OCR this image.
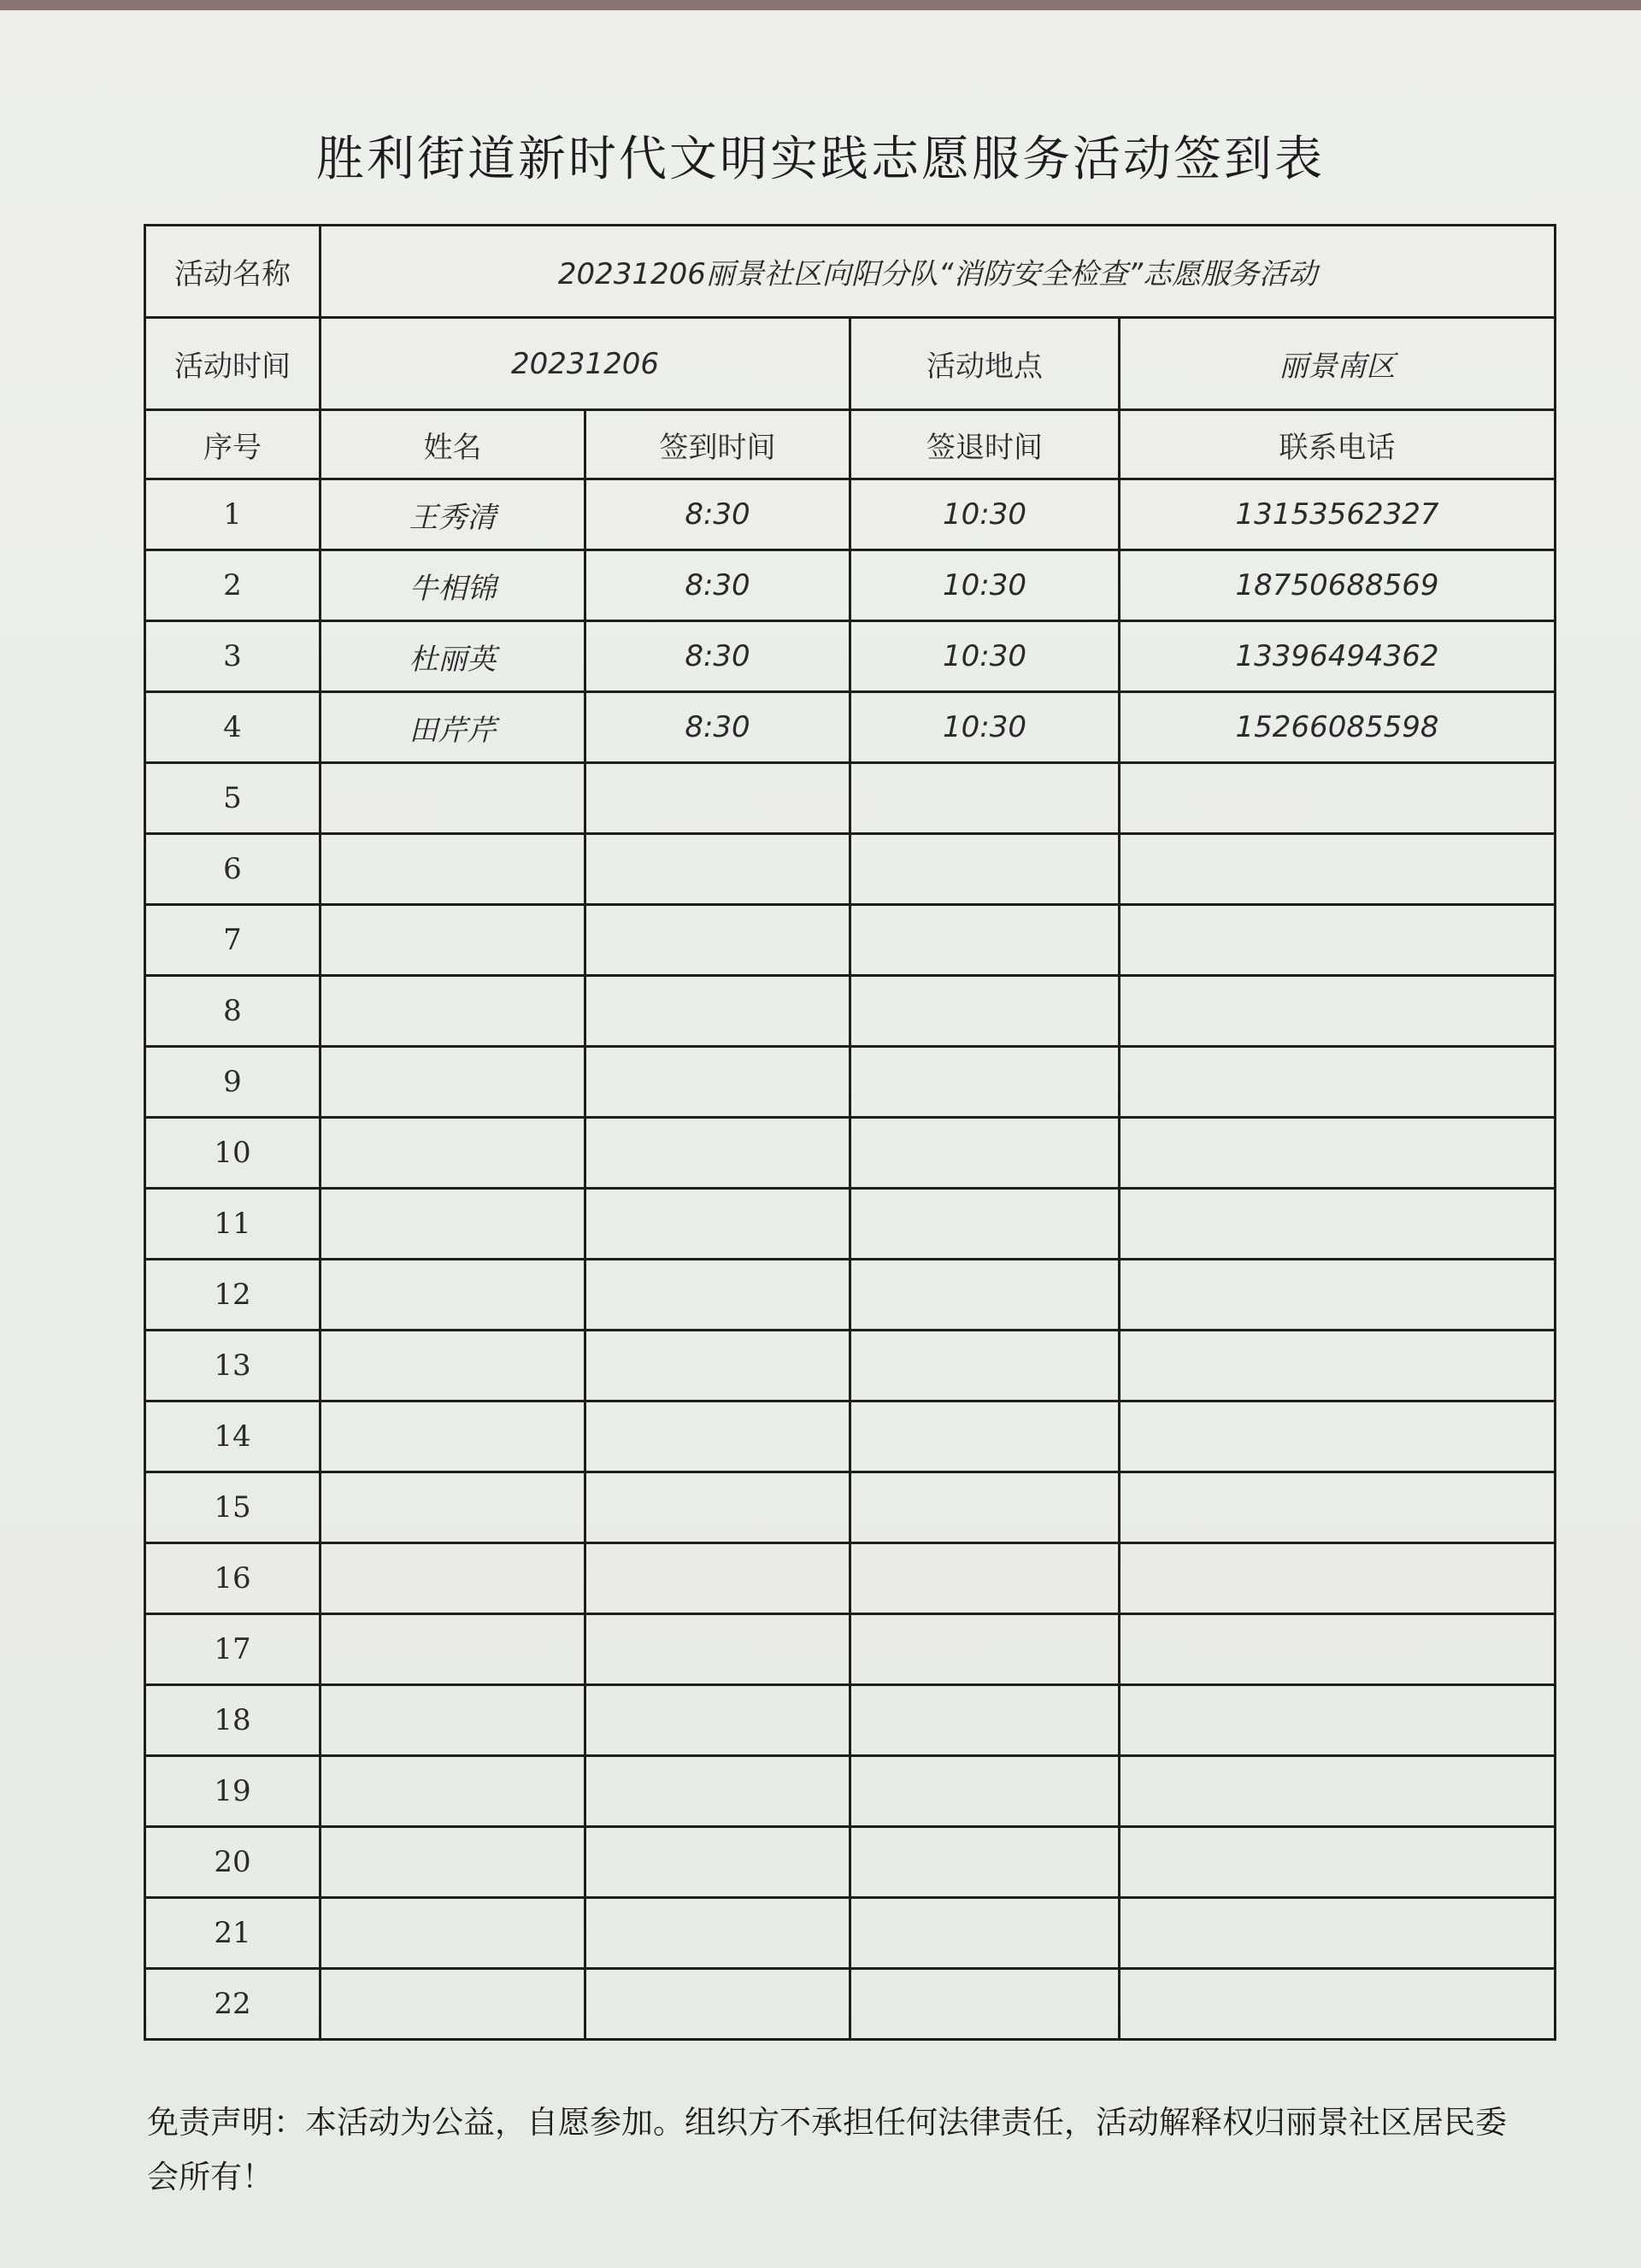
胜利街道新时代文明实践志愿服务活动签到表
活动名称	20231206丽景社区向阳分队“消防安全检查”志愿服务活动			
活动时间	20231206		活动地点	丽景南区
序号	姓名	签到时间	签退时间	联系电话
1	王秀清	8:30	10:30	13153562327
2	牛相锦	8:30	10:30	18750688569
3	杜丽英	8:30	10:30	13396494362
4	田芹芹	8:30	10:30	15266085598
5				
6				
7				
8				
9				
10				
11				
12				
13				
14				
15				
16				
17				
18				
19				
20				
21				
22				
免责声明：本活动为公益，自愿参加。组织方不承担任何法律责任，活动解释权归丽景社区居民委会所有！
